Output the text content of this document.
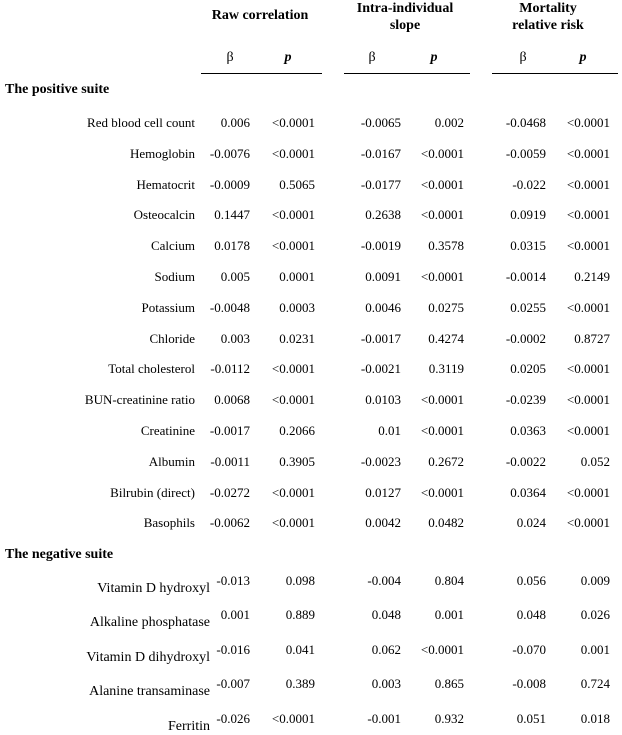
Raw correlation	Intra-individual
slope
Mortality
relative risk
β	p	β	p	β	p
The positive suite
Red blood cell count	0.006	<0.0001	-0.0065	0.002	-0.0468	<0.0001
Hemoglobin	-0.0076	<0.0001	-0.0167	<0.0001	-0.0059	<0.0001
Hematocrit	-0.0009	0.5065	-0.0177	<0.0001	-0.022	<0.0001
Osteocalcin	0.1447	<0.0001	0.2638	<0.0001	0.0919	<0.0001
Calcium	0.0178	<0.0001	-0.0019	0.3578	0.0315	<0.0001
Sodium	0.005	0.0001	0.0091	<0.0001	-0.0014	0.2149
Potassium	-0.0048	0.0003	0.0046	0.0275	0.0255	<0.0001
Chloride	0.003	0.0231	-0.0017	0.4274	-0.0002	0.8727
Total cholesterol	-0.0112	<0.0001	-0.0021	0.3119	0.0205	<0.0001
BUN-creatinine ratio	0.0068	<0.0001	0.0103	<0.0001	-0.0239	<0.0001
Creatinine	-0.0017	0.2066	0.01	<0.0001	0.0363	<0.0001
Albumin	-0.0011	0.3905	-0.0023	0.2672	-0.0022	0.052
Bilrubin (direct)	-0.0272	<0.0001	0.0127	<0.0001	0.0364	<0.0001
Basophils	-0.0062	<0.0001	0.0042	0.0482	0.024	<0.0001
The negative suite
Vitamin D hydroxyl
-0.013	0.098	-0.004	0.804	0.056	0.009
Alkaline phosphatase
0.001	0.889	0.048	0.001	0.048	0.026
Vitamin D dihydroxyl
-0.016	0.041	0.062	<0.0001	-0.070	0.001
Alanine transaminase
-0.007	0.389	0.003	0.865	-0.008	0.724
Ferritin
-0.026	<0.0001	-0.001	0.932	0.051	0.018
